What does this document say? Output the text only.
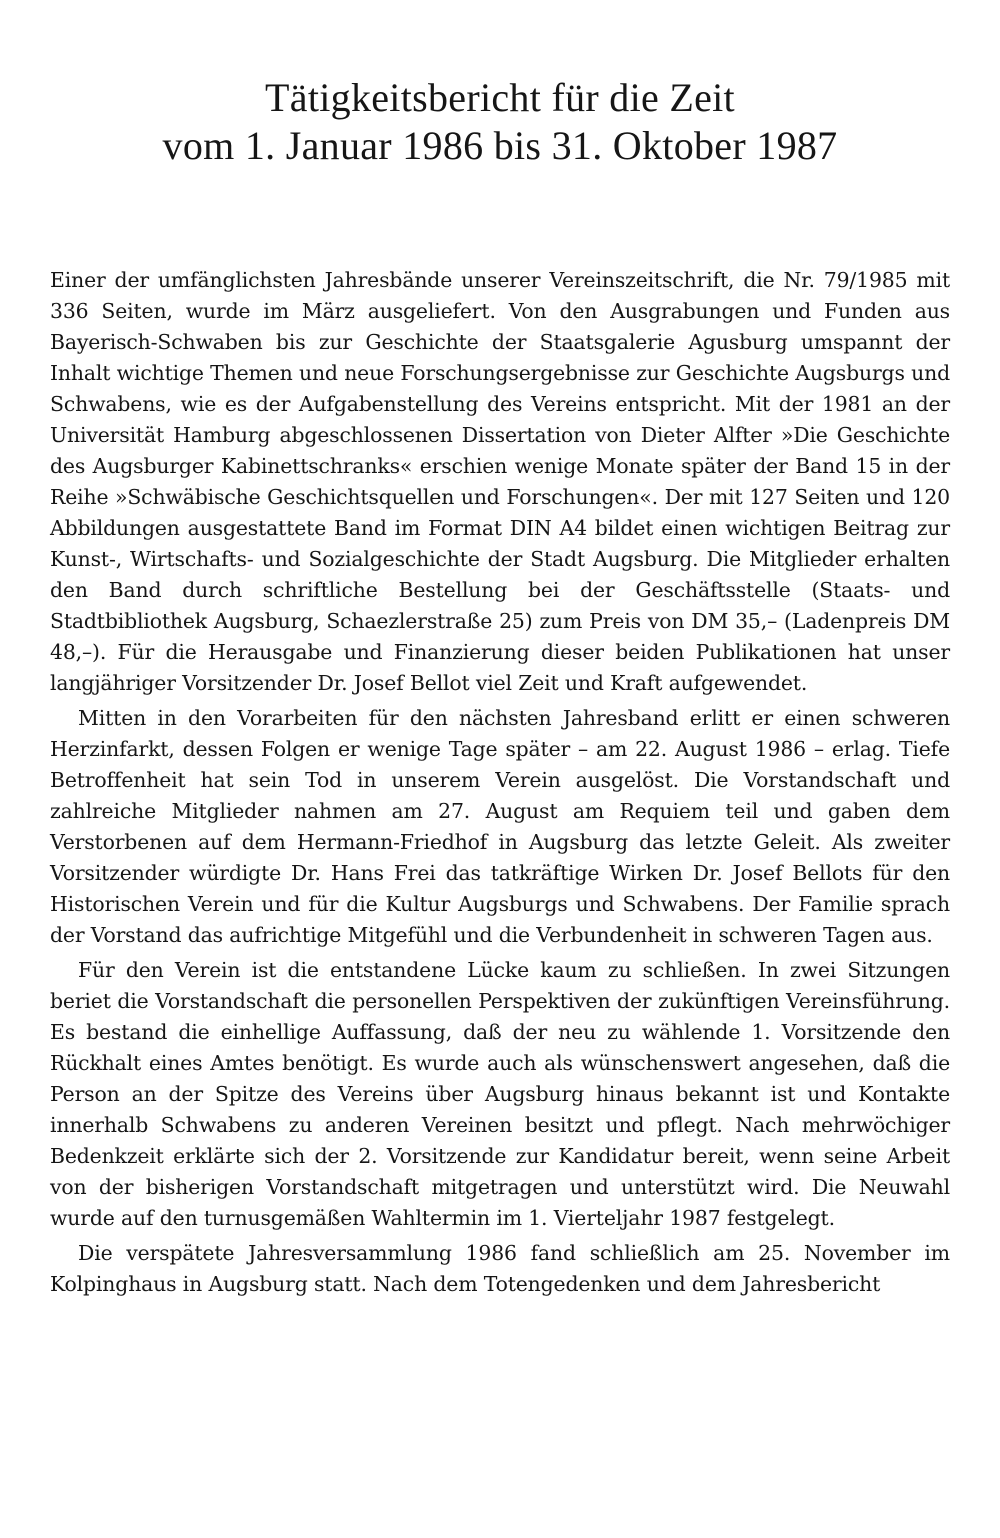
Tätigkeitsbericht für die Zeit
vom 1. Januar 1986 bis 31. Oktober 1987

Einer der umfänglichsten Jahresbände unserer Vereinszeitschrift, die Nr. 79/1985 mit 336 Seiten, wurde im März ausgeliefert. Von den Ausgrabungen und Funden aus Bayerisch-Schwaben bis zur Geschichte der Staatsgalerie Agusburg umspannt der Inhalt wichtige Themen und neue Forschungsergebnisse zur Geschichte Augsburgs und Schwabens, wie es der Aufgabenstellung des Vereins entspricht. Mit der 1981 an der Universität Hamburg abgeschlossenen Dissertation von Dieter Alfter »Die Geschichte des Augsburger Kabinettschranks« erschien wenige Monate später der Band 15 in der Reihe »Schwäbische Geschichtsquellen und Forschungen«. Der mit 127 Seiten und 120 Abbildungen ausgestattete Band im Format DIN A4 bildet einen wichtigen Beitrag zur Kunst-, Wirtschafts- und Sozialgeschichte der Stadt Augsburg. Die Mitglieder erhalten den Band durch schriftliche Bestellung bei der Geschäftsstelle (Staats- und Stadtbibliothek Augsburg, Schaezlerstraße 25) zum Preis von DM 35,– (Ladenpreis DM 48,–). Für die Herausgabe und Finanzierung dieser beiden Publikationen hat unser langjähriger Vorsitzender Dr. Josef Bellot viel Zeit und Kraft aufgewendet.

Mitten in den Vorarbeiten für den nächsten Jahresband erlitt er einen schweren Herzinfarkt, dessen Folgen er wenige Tage später – am 22. August 1986 – erlag. Tiefe Betroffenheit hat sein Tod in unserem Verein ausgelöst. Die Vorstandschaft und zahlreiche Mitglieder nahmen am 27. August am Requiem teil und gaben dem Verstorbenen auf dem Hermann-Friedhof in Augsburg das letzte Geleit. Als zweiter Vorsitzender würdigte Dr. Hans Frei das tatkräftige Wirken Dr. Josef Bellots für den Historischen Verein und für die Kultur Augsburgs und Schwabens. Der Familie sprach der Vorstand das aufrichtige Mitgefühl und die Verbundenheit in schweren Tagen aus.

Für den Verein ist die entstandene Lücke kaum zu schließen. In zwei Sitzungen beriet die Vorstandschaft die personellen Perspektiven der zukünftigen Vereinsführung. Es bestand die einhellige Auffassung, daß der neu zu wählende 1. Vorsitzende den Rückhalt eines Amtes benötigt. Es wurde auch als wünschenswert angesehen, daß die Person an der Spitze des Vereins über Augsburg hinaus bekannt ist und Kontakte innerhalb Schwabens zu anderen Vereinen besitzt und pflegt. Nach mehrwöchiger Bedenkzeit erklärte sich der 2. Vorsitzende zur Kandidatur bereit, wenn seine Arbeit von der bisherigen Vorstandschaft mitgetragen und unterstützt wird. Die Neuwahl wurde auf den turnusgemäßen Wahltermin im 1. Vierteljahr 1987 festgelegt.

Die verspätete Jahresversammlung 1986 fand schließlich am 25. November im Kolpinghaus in Augsburg statt. Nach dem Totengedenken und dem Jahresbericht
